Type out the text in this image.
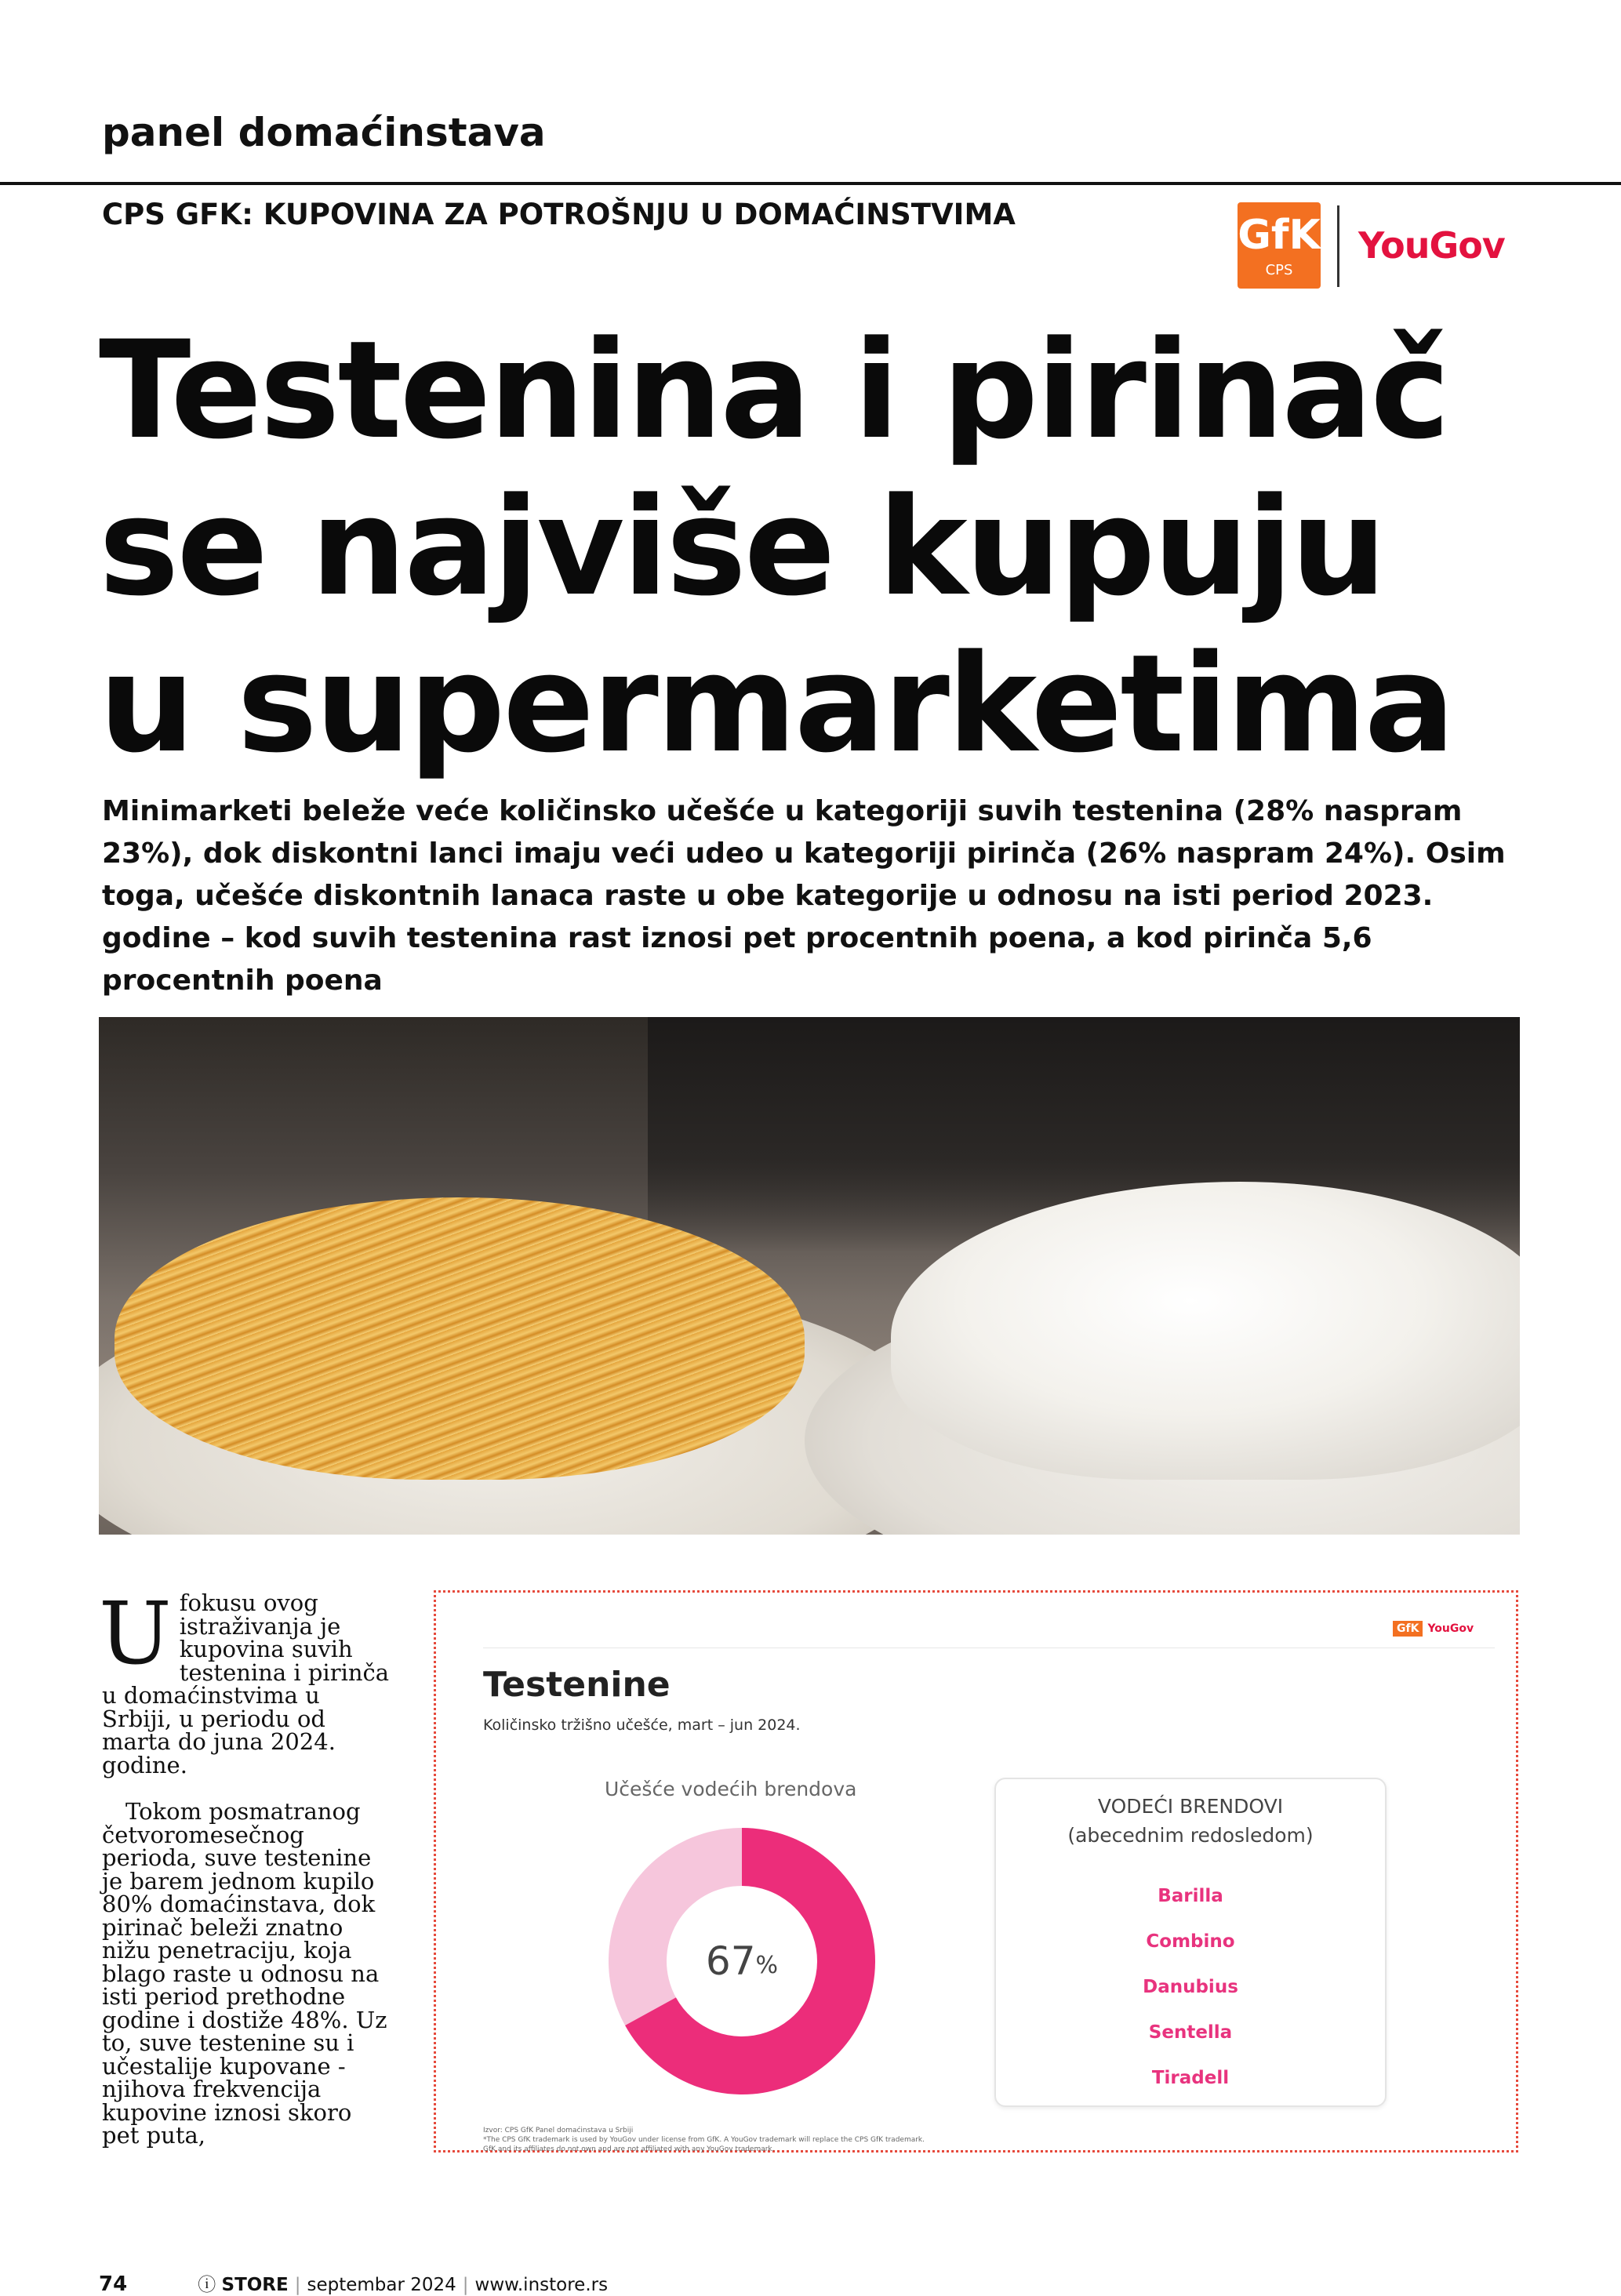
panel domaćinstava
CPS GFK: KUPOVINA ZA POTROŠNJU U DOMAĆINSTVIMA	GfK
CPS
YouGov
Testenina i pirinač
se najviše kupuju
u supermarketima
Minimarketi beleže veće količinsko učešće u kategoriji suvih testenina (28% naspram 23%), dok diskontni lanci imaju veći udeo u kategoriji pirinča (26% naspram 24%). Osim toga, učešće diskontnih lanaca raste u obe kategorije u odnosu na isti period 2023. godine – kod suvih testenina rast iznosi pet procentnih poena, a kod pirinča 5,6 procentnih poena

Ufokusu ovog istraživanja je kupovina suvih testenina i pirinča u domaćinstvima u Srbiji, u periodu od marta do juna 2024. godine.

Tokom posmatranog četvoromesečnog perioda, suve testenine je barem jednom kupilo 80% domaćinstava, dok pirinač beleži znatno nižu penetraciju, koja blago raste u odnosu na isti period prethodne godine i dostiže 48%. Uz to, suve testenine su i učestalije kupovane - njihova frekvencija kupovine iznosi skoro pet puta,

GfK YouGov
Testenine
Količinsko tržišno učešće, mart – jun 2024.
Učešće vodećih brendova
67 %
VODEĆI BRENDOVI
(abecednim redosledom)
Barilla
Combino
Danubius
Sentella
Tiradell
Izvor: CPS GfK Panel domaćinstava u Srbiji
*The CPS GfK trademark is used by YouGov under license from GfK. A YouGov trademark will replace the CPS GfK trademark.
GfK and its affiliates do not own and are not affiliated with any YouGov trademark.
74	ⓘ STORE | septembar 2024 | www.instore.rs
